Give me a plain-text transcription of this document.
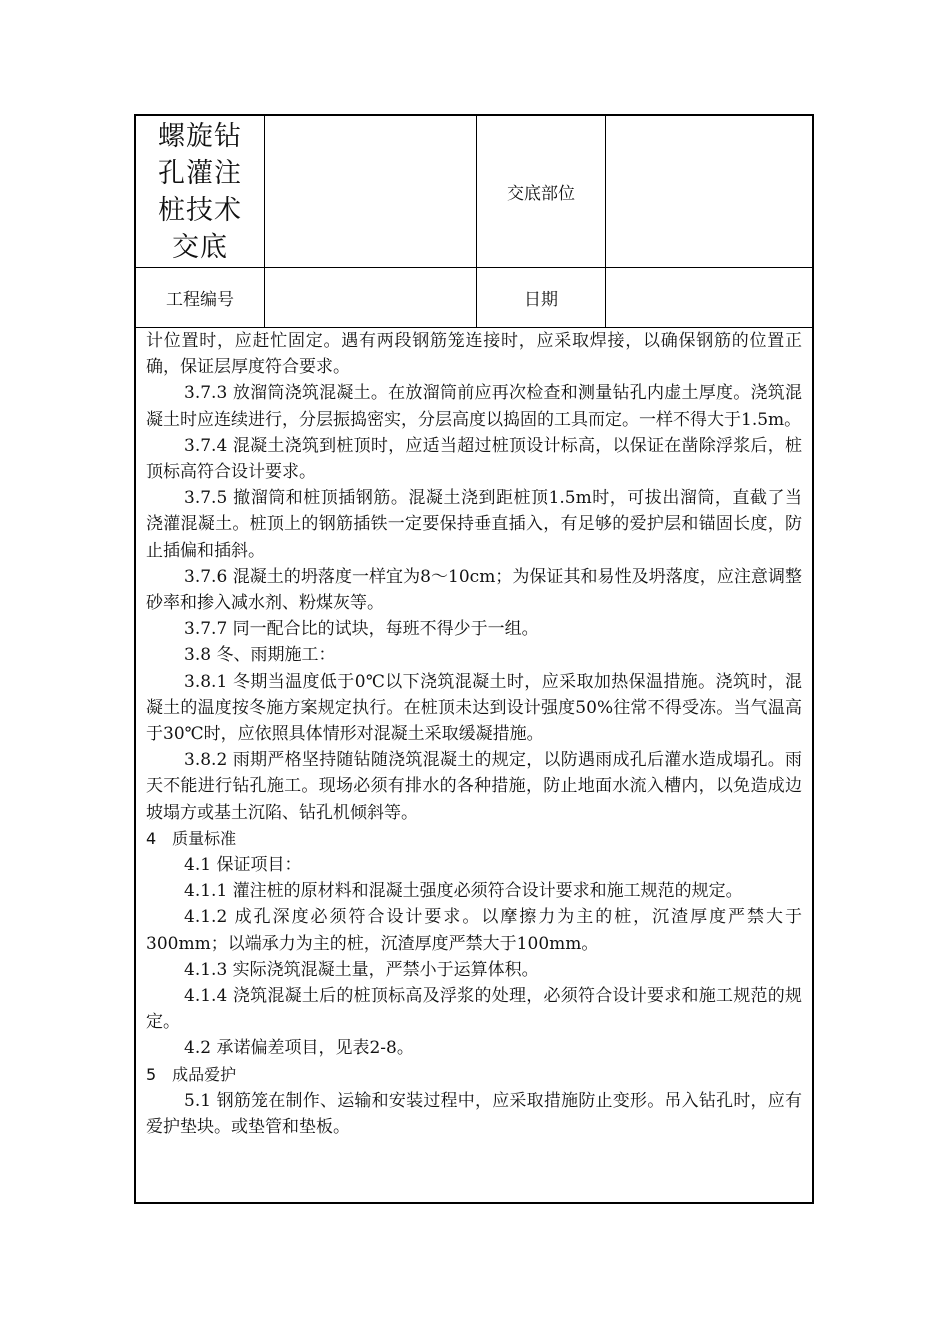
螺旋钻
孔灌注
桩技术
交底
交底部位
工程编号	日期

计位置时，应赶忙固定。遇有两段钢筋笼连接时，应采取焊接，以确保钢筋的位置正确，保证层厚度符合要求。

3.7.3 放溜筒浇筑混凝土。在放溜筒前应再次检查和测量钻孔内虚土厚度。浇筑混凝土时应连续进行，分层振捣密实，分层高度以捣固的工具而定。一样不得大于1.5m。

3.7.4 混凝土浇筑到桩顶时，应适当超过桩顶设计标高，以保证在凿除浮浆后，桩顶标高符合设计要求。

3.7.5 撤溜筒和桩顶插钢筋。混凝土浇到距桩顶1.5m时，可拔出溜筒，直截了当浇灌混凝土。桩顶上的钢筋插铁一定要保持垂直插入，有足够的爱护层和锚固长度，防止插偏和插斜。

3.7.6 混凝土的坍落度一样宜为8～10cm；为保证其和易性及坍落度，应注意调整砂率和掺入减水剂、粉煤灰等。

3.7.7 同一配合比的试块，每班不得少于一组。

3.8 冬、雨期施工：

3.8.1 冬期当温度低于0℃以下浇筑混凝土时，应采取加热保温措施。浇筑时，混凝土的温度按冬施方案规定执行。在桩顶未达到设计强度50%往常不得受冻。当气温高于30℃时，应依照具体情形对混凝土采取缓凝措施。

3.8.2 雨期严格坚持随钻随浇筑混凝土的规定，以防遇雨成孔后灌水造成塌孔。雨天不能进行钻孔施工。现场必须有排水的各种措施，防止地面水流入槽内，以免造成边坡塌方或基土沉陷、钻孔机倾斜等。

4　质量标准

4.1 保证项目：

4.1.1 灌注桩的原材料和混凝土强度必须符合设计要求和施工规范的规定。

4.1.2 成孔深度必须符合设计要求。以摩擦力为主的桩，沉渣厚度严禁大于300mm；以端承力为主的桩，沉渣厚度严禁大于100mm。

4.1.3 实际浇筑混凝土量，严禁小于运算体积。

4.1.4 浇筑混凝土后的桩顶标高及浮浆的处理，必须符合设计要求和施工规范的规定。

4.2 承诺偏差项目，见表2-8。

5　成品爱护

5.1 钢筋笼在制作、运输和安装过程中，应采取措施防止变形。吊入钻孔时，应有爱护垫块。或垫管和垫板。
